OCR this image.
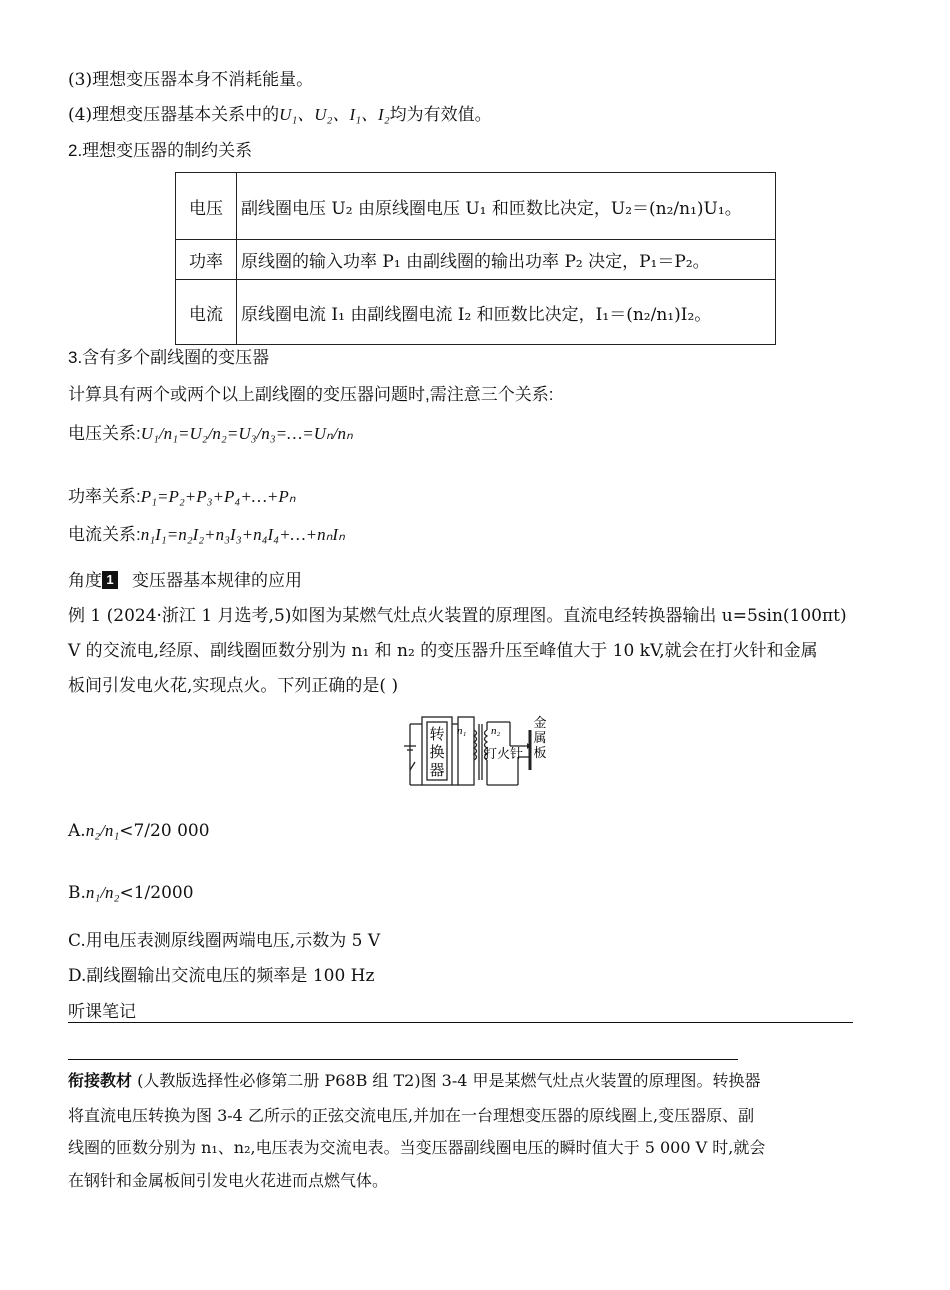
(3)理想变压器本身不消耗能量。
(4)理想变压器基本关系中的U₁、U₂、I₁、I₂均为有效值。
2.理想变压器的制约关系
电压	副线圈电压 U₂ 由原线圈电压 U₁ 和匝数比决定，U₂＝(n₂/n₁)U₁。
功率	原线圈的输入功率 P₁ 由副线圈的输出功率 P₂ 决定，P₁＝P₂。
电流	原线圈电流 I₁ 由副线圈电流 I₂ 和匝数比决定，I₁＝(n₂/n₁)I₂。
3.含有多个副线圈的变压器
计算具有两个或两个以上副线圈的变压器问题时,需注意三个关系:
电压关系:U₁/n₁=U₂/n₂=U₃/n₃=…=Uₙ/nₙ
功率关系:P₁=P₂+P₃+P₄+…+Pₙ
电流关系:n₁I₁=n₂I₂+n₃I₃+n₄I₄+…+nₙIₙ
角度 1 变压器基本规律的应用
例 1 (2024·浙江 1 月选考,5)如图为某燃气灶点火装置的原理图。直流电经转换器输出 u=5sin(100πt)
V 的交流电,经原、副线圈匝数分别为 n₁ 和 n₂ 的变压器升压至峰值大于 10 kV,就会在打火针和金属
板间引发电火花,实现点火。下列正确的是( )
转
换
器
n₁ n₂
打火针
金
属
板
A.n₂/n₁<7/20 000
B.n₁/n₂<1/2000
C.用电压表测原线圈两端电压,示数为 5 V
D.副线圈输出交流电压的频率是 100 Hz
听课笔记
衔接教材 (人教版选择性必修第二册 P68B 组 T2)图 3-4 甲是某燃气灶点火装置的原理图。转换器
将直流电压转换为图 3-4 乙所示的正弦交流电压,并加在一台理想变压器的原线圈上,变压器原、副
线圈的匝数分别为 n₁、n₂,电压表为交流电表。当变压器副线圈电压的瞬时值大于 5 000 V 时,就会
在钢针和金属板间引发电火花进而点燃气体。
